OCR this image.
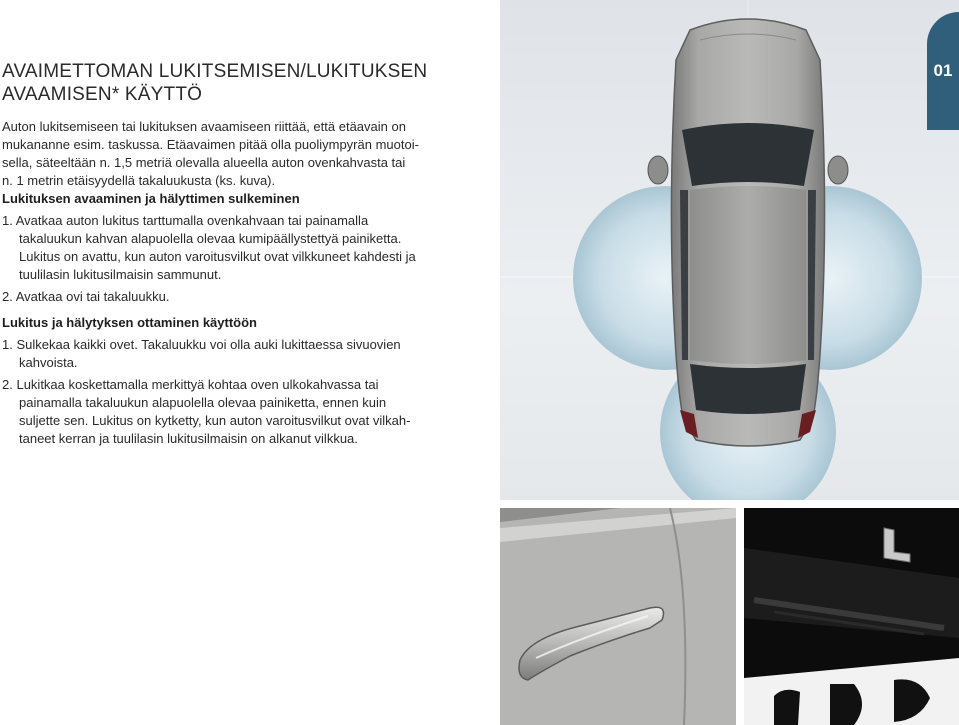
AVAIMETTOMAN LUKITSEMISEN/LUKITUKSEN
AVAAMISEN* KÄYTTÖ

Auton lukitsemiseen tai lukituksen avaamiseen riittää, että etäavain on
mukananne esim. taskussa. Etäavaimen pitää olla puoliympyrän muotoi-
sella, säteeltään n. 1,5 metriä olevalla alueella auton ovenkahvasta tai
n. 1 metrin etäisyydellä takaluukusta (ks. kuva).

Lukituksen avaaminen ja hälyttimen sulkeminen
1. Avatkaa auton lukitus tarttumalla ovenkahvaan tai painamalla
takaluukun kahvan alapuolella olevaa kumipäällystettyä painiketta.
Lukitus on avattu, kun auton varoitusvilkut ovat vilkkuneet kahdesti ja
tuulilasin lukitusilmaisin sammunut.
2. Avatkaa ovi tai takaluukku.
Lukitus ja hälytyksen ottaminen käyttöön
1. Sulkekaa kaikki ovet. Takaluukku voi olla auki lukittaessa sivuovien
kahvoista.
2. Lukitkaa koskettamalla merkittyä kohtaa oven ulkokahvassa tai
painamalla takaluukun alapuolella olevaa painiketta, ennen kuin
suljette sen. Lukitus on kytketty, kun auton varoitusvilkut ovat vilkah-
taneet kerran ja tuulilasin lukitusilmaisin on alkanut vilkkua.
01
